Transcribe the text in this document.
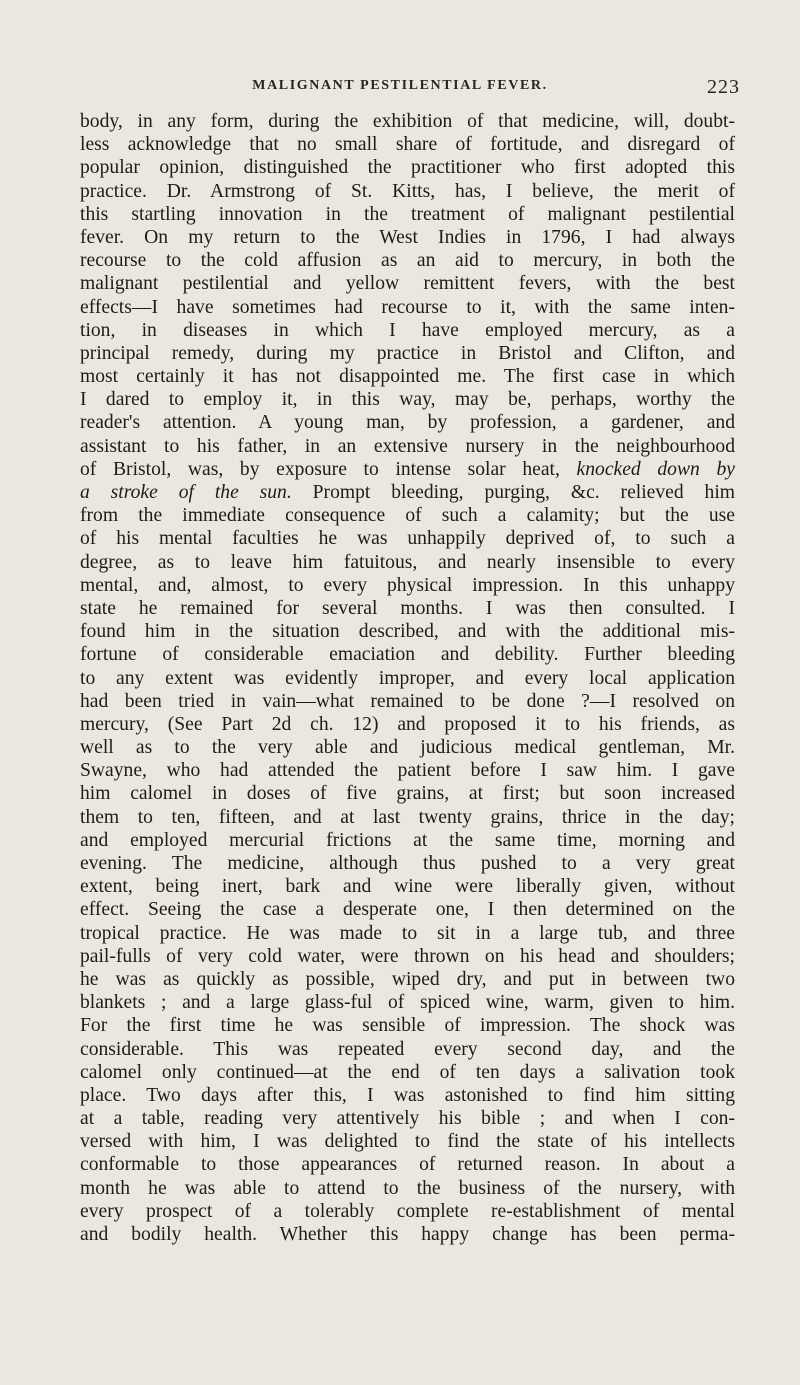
MALIGNANT PESTILENTIAL FEVER.	223
body, in any form, during the exhibition of that medicine, will, doubt-
less acknowledge that no small share of fortitude, and disregard of
popular opinion, distinguished the practitioner who first adopted this
practice. Dr. Armstrong of St. Kitts, has, I believe, the merit of
this startling innovation in the treatment of malignant pestilential
fever. On my return to the West Indies in 1796, I had always
recourse to the cold affusion as an aid to mercury, in both the
malignant pestilential and yellow remittent fevers, with the best
effects—I have sometimes had recourse to it, with the same inten-
tion, in diseases in which I have employed mercury, as a
principal remedy, during my practice in Bristol and Clifton, and
most certainly it has not disappointed me. The first case in which
I dared to employ it, in this way, may be, perhaps, worthy the
reader's attention. A young man, by profession, a gardener, and
assistant to his father, in an extensive nursery in the neighbourhood
of Bristol, was, by exposure to intense solar heat, knocked down by
a stroke of the sun. Prompt bleeding, purging, &c. relieved him
from the immediate consequence of such a calamity; but the use
of his mental faculties he was unhappily deprived of, to such a
degree, as to leave him fatuitous, and nearly insensible to every
mental, and, almost, to every physical impression. In this unhappy
state he remained for several months. I was then consulted. I
found him in the situation described, and with the additional mis-
fortune of considerable emaciation and debility. Further bleeding
to any extent was evidently improper, and every local application
had been tried in vain—what remained to be done ?—I resolved on
mercury, (See Part 2d ch. 12) and proposed it to his friends, as
well as to the very able and judicious medical gentleman, Mr.
Swayne, who had attended the patient before I saw him. I gave
him calomel in doses of five grains, at first; but soon increased
them to ten, fifteen, and at last twenty grains, thrice in the day;
and employed mercurial frictions at the same time, morning and
evening. The medicine, although thus pushed to a very great
extent, being inert, bark and wine were liberally given, without
effect. Seeing the case a desperate one, I then determined on the
tropical practice. He was made to sit in a large tub, and three
pail-fulls of very cold water, were thrown on his head and shoulders;
he was as quickly as possible, wiped dry, and put in between two
blankets ; and a large glass-ful of spiced wine, warm, given to him.
For the first time he was sensible of impression. The shock was
considerable. This was repeated every second day, and the
calomel only continued—at the end of ten days a salivation took
place. Two days after this, I was astonished to find him sitting
at a table, reading very attentively his bible ; and when I con-
versed with him, I was delighted to find the state of his intellects
conformable to those appearances of returned reason. In about a
month he was able to attend to the business of the nursery, with
every prospect of a tolerably complete re-establishment of mental
and bodily health. Whether this happy change has been perma-
